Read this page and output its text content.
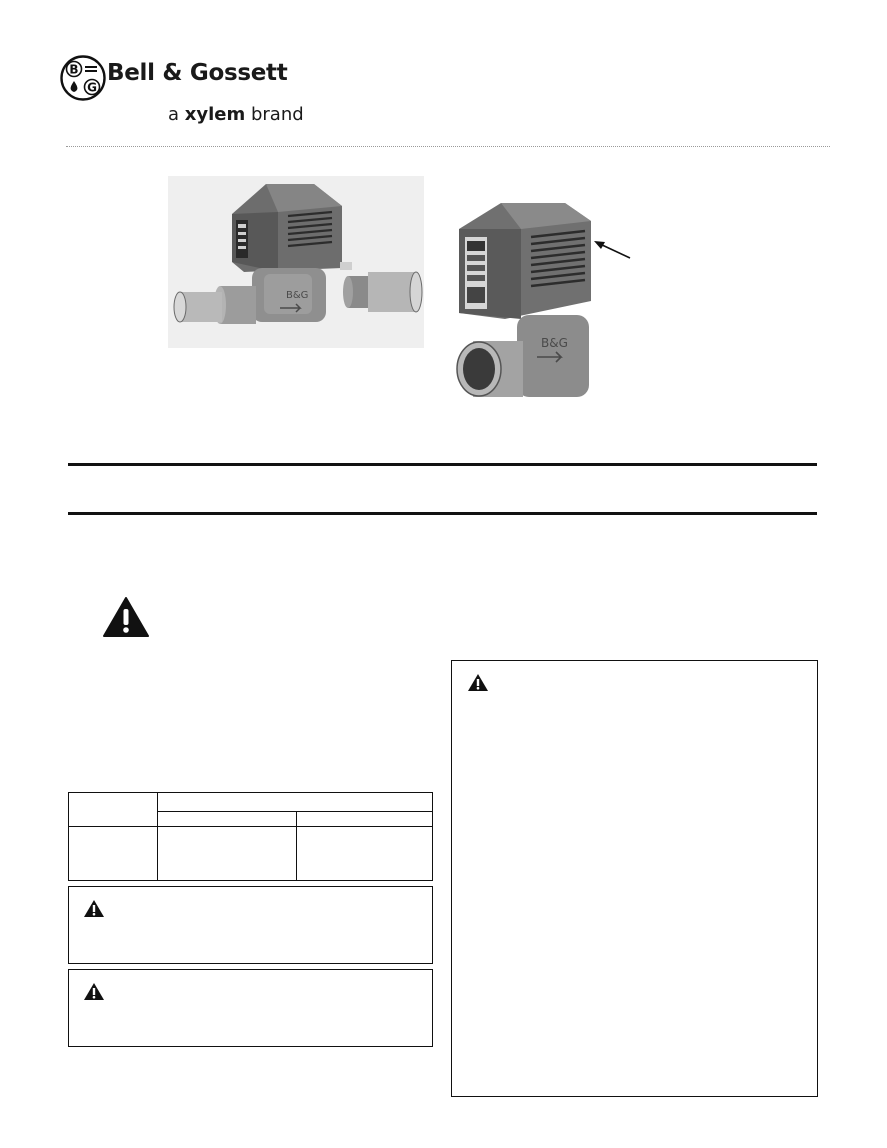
B
G
Bell & Gossett
a xylem brand
B&G
B&G
